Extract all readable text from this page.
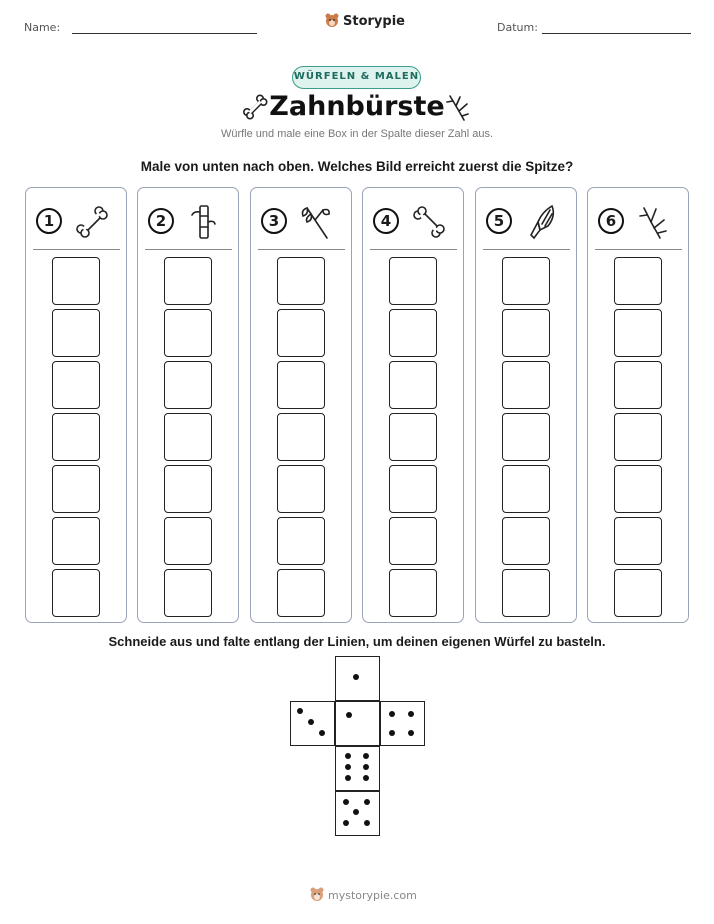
Name:	Storypie	Datum:
WÜRFELN & MALEN
Zahnbürste
Würfle und male eine Box in der Spalte dieser Zahl aus.
Male von unten nach oben. Welches Bild erreicht zuerst die Spitze?
1	2	3	4	5	6
Schneide aus und falte entlang der Linien, um deinen eigenen Würfel zu basteln.
mystorypie.com
